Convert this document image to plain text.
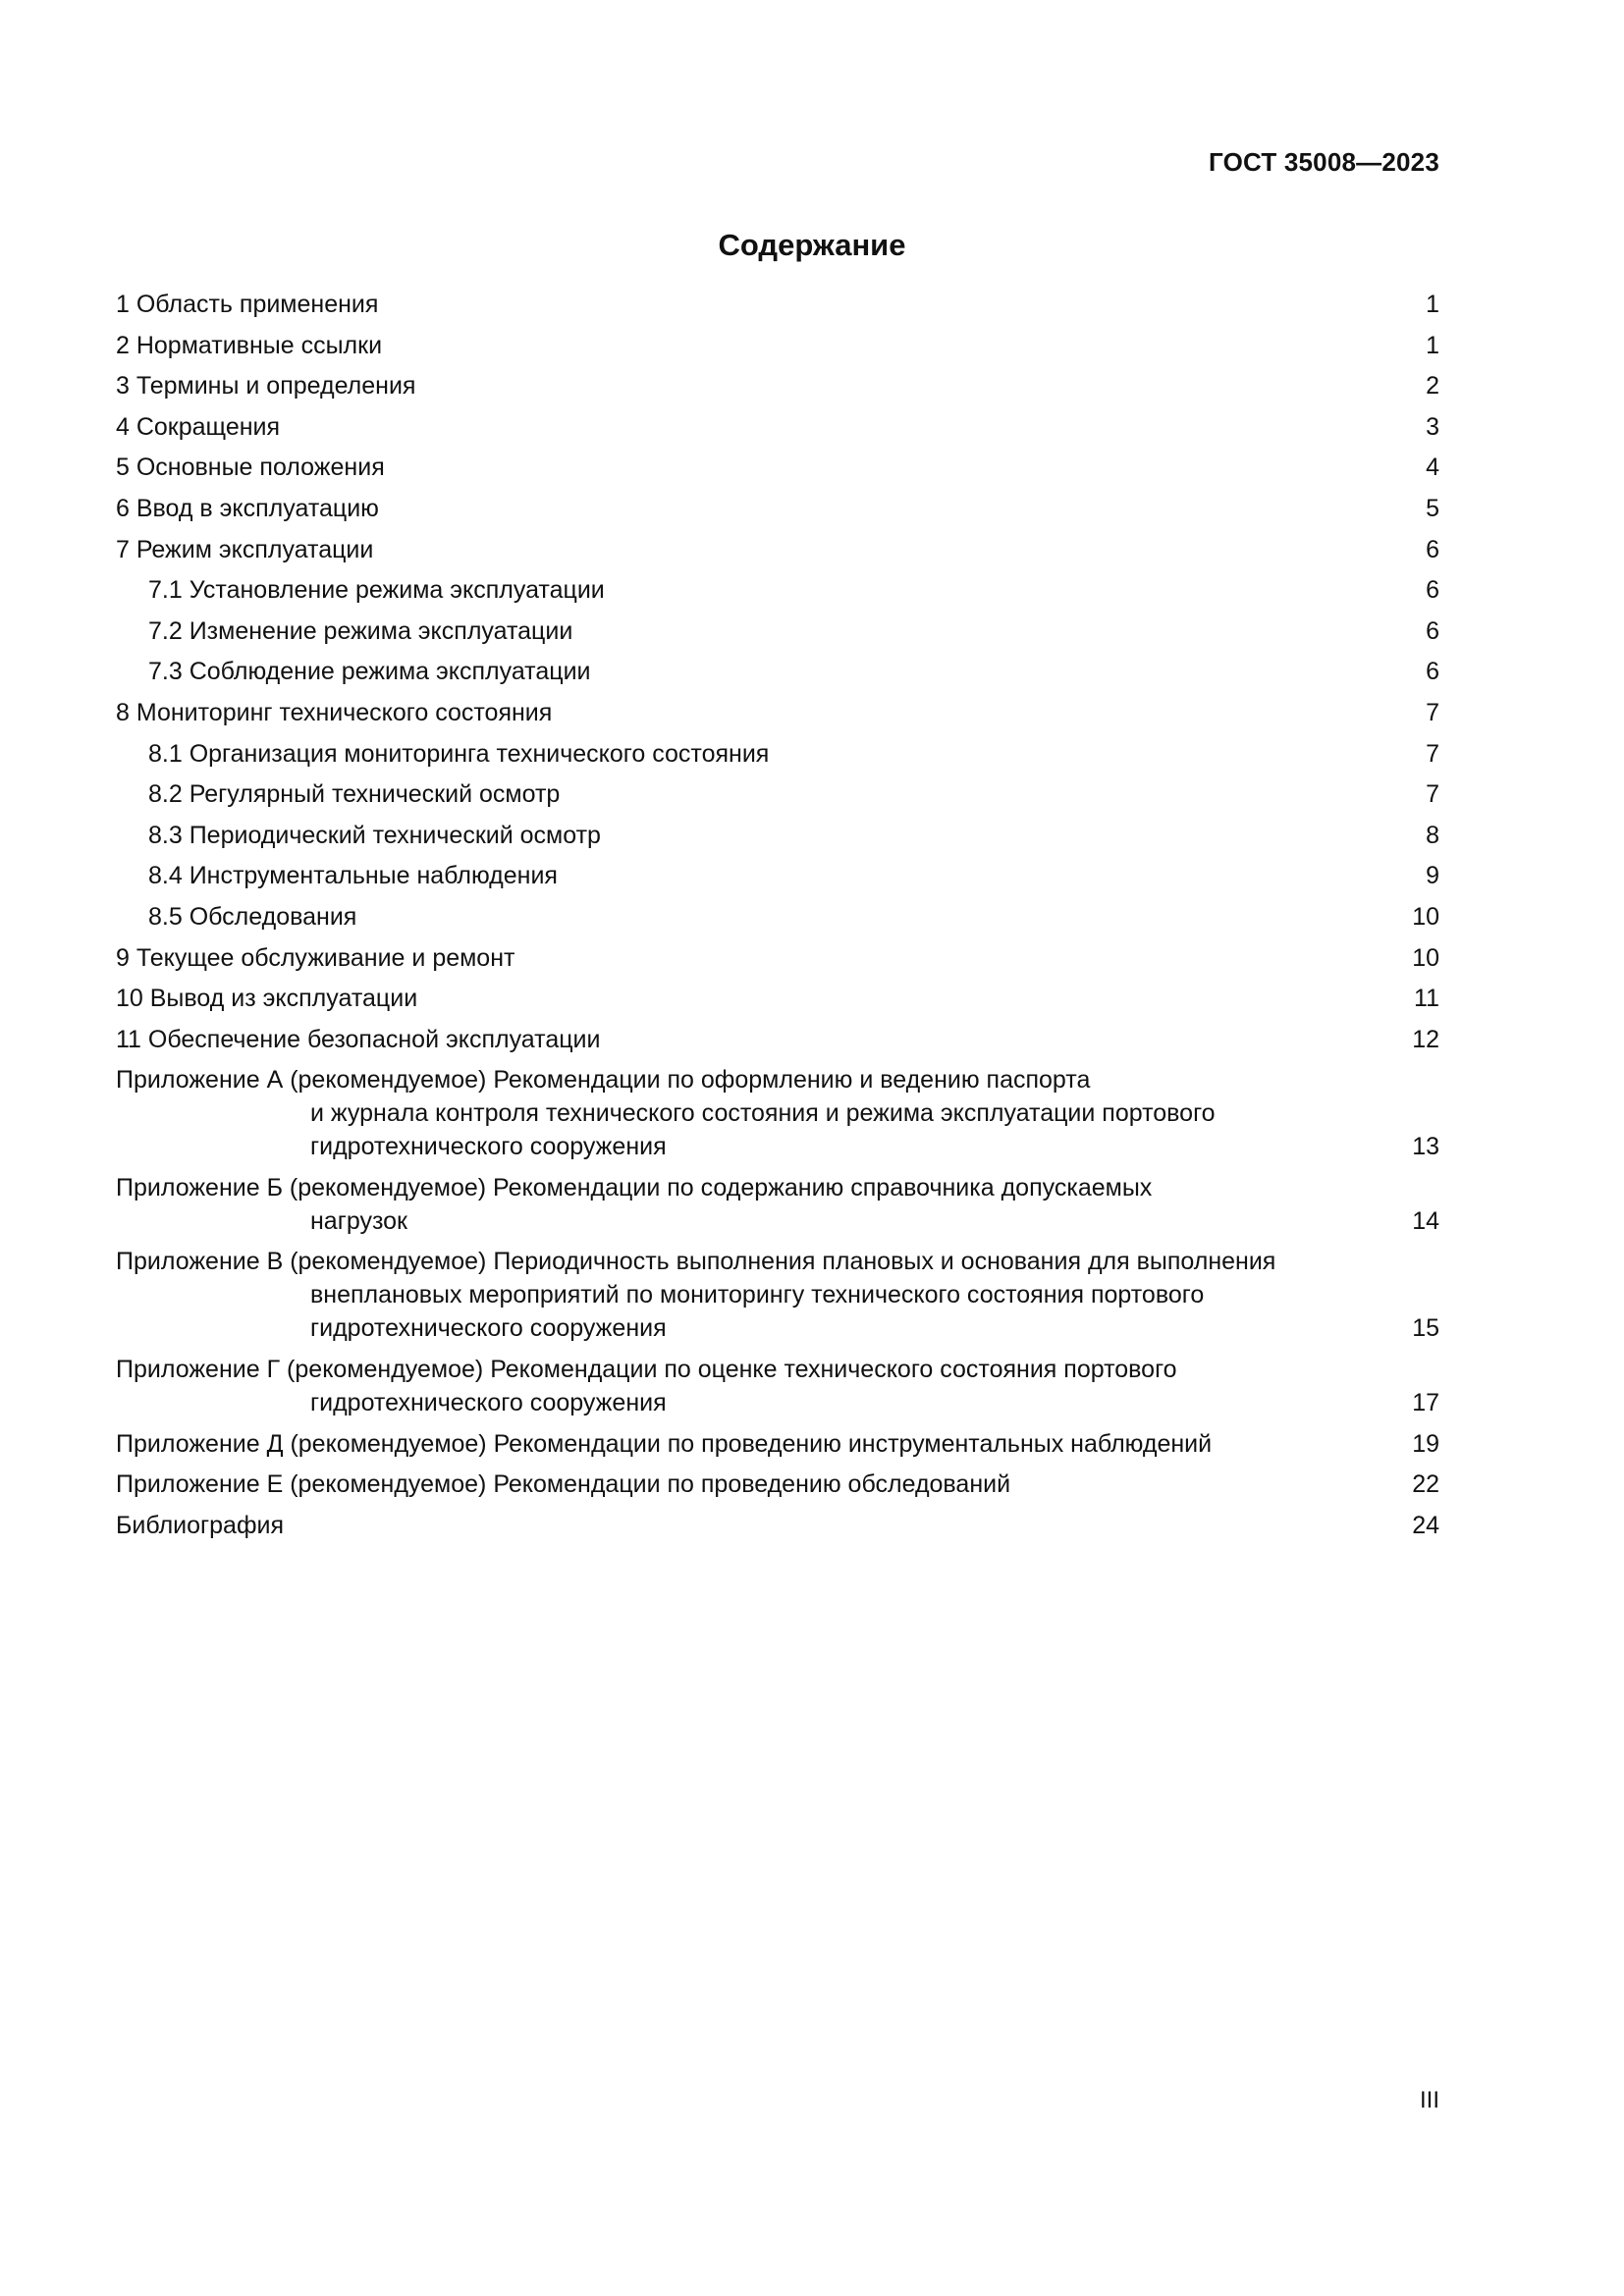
ГОСТ 35008—2023
Содержание
1 Область применения . . .	1
2 Нормативные ссылки . . .	1
3 Термины и определения . . .	2
4 Сокращения . . .	3
5 Основные положения . . .	4
6 Ввод в эксплуатацию . . .	5
7 Режим эксплуатации . . .	6
7.1 Установление режима эксплуатации . . .	6
7.2 Изменение режима эксплуатации . . .	6
7.3 Соблюдение режима эксплуатации . . .	6
8 Мониторинг технического состояния . . .	7
8.1 Организация мониторинга технического состояния . . .	7
8.2 Регулярный технический осмотр . . .	7
8.3 Периодический технический осмотр . . .	8
8.4 Инструментальные наблюдения . . .	9
8.5 Обследования . . .	10
9 Текущее обслуживание и ремонт . . .	10
10 Вывод из эксплуатации . . .	11
11 Обеспечение безопасной эксплуатации . . .	12
Приложение А (рекомендуемое) Рекомендации по оформлению и ведению паспорта
и журнала контроля технического состояния и режима эксплуатации портового
гидротехнического сооружения . . .	13
Приложение Б (рекомендуемое) Рекомендации по содержанию справочника допускаемых
нагрузок . . .	14
Приложение В (рекомендуемое) Периодичность выполнения плановых и основания для выполнения
внеплановых мероприятий по мониторингу технического состояния портового
гидротехнического сооружения . . .	15
Приложение Г (рекомендуемое) Рекомендации по оценке технического состояния портового
гидротехнического сооружения . . .	17
Приложение Д (рекомендуемое) Рекомендации по проведению инструментальных наблюдений . . .	19
Приложение Е (рекомендуемое) Рекомендации по проведению обследований . . .	22
Библиография . . .	24
III
